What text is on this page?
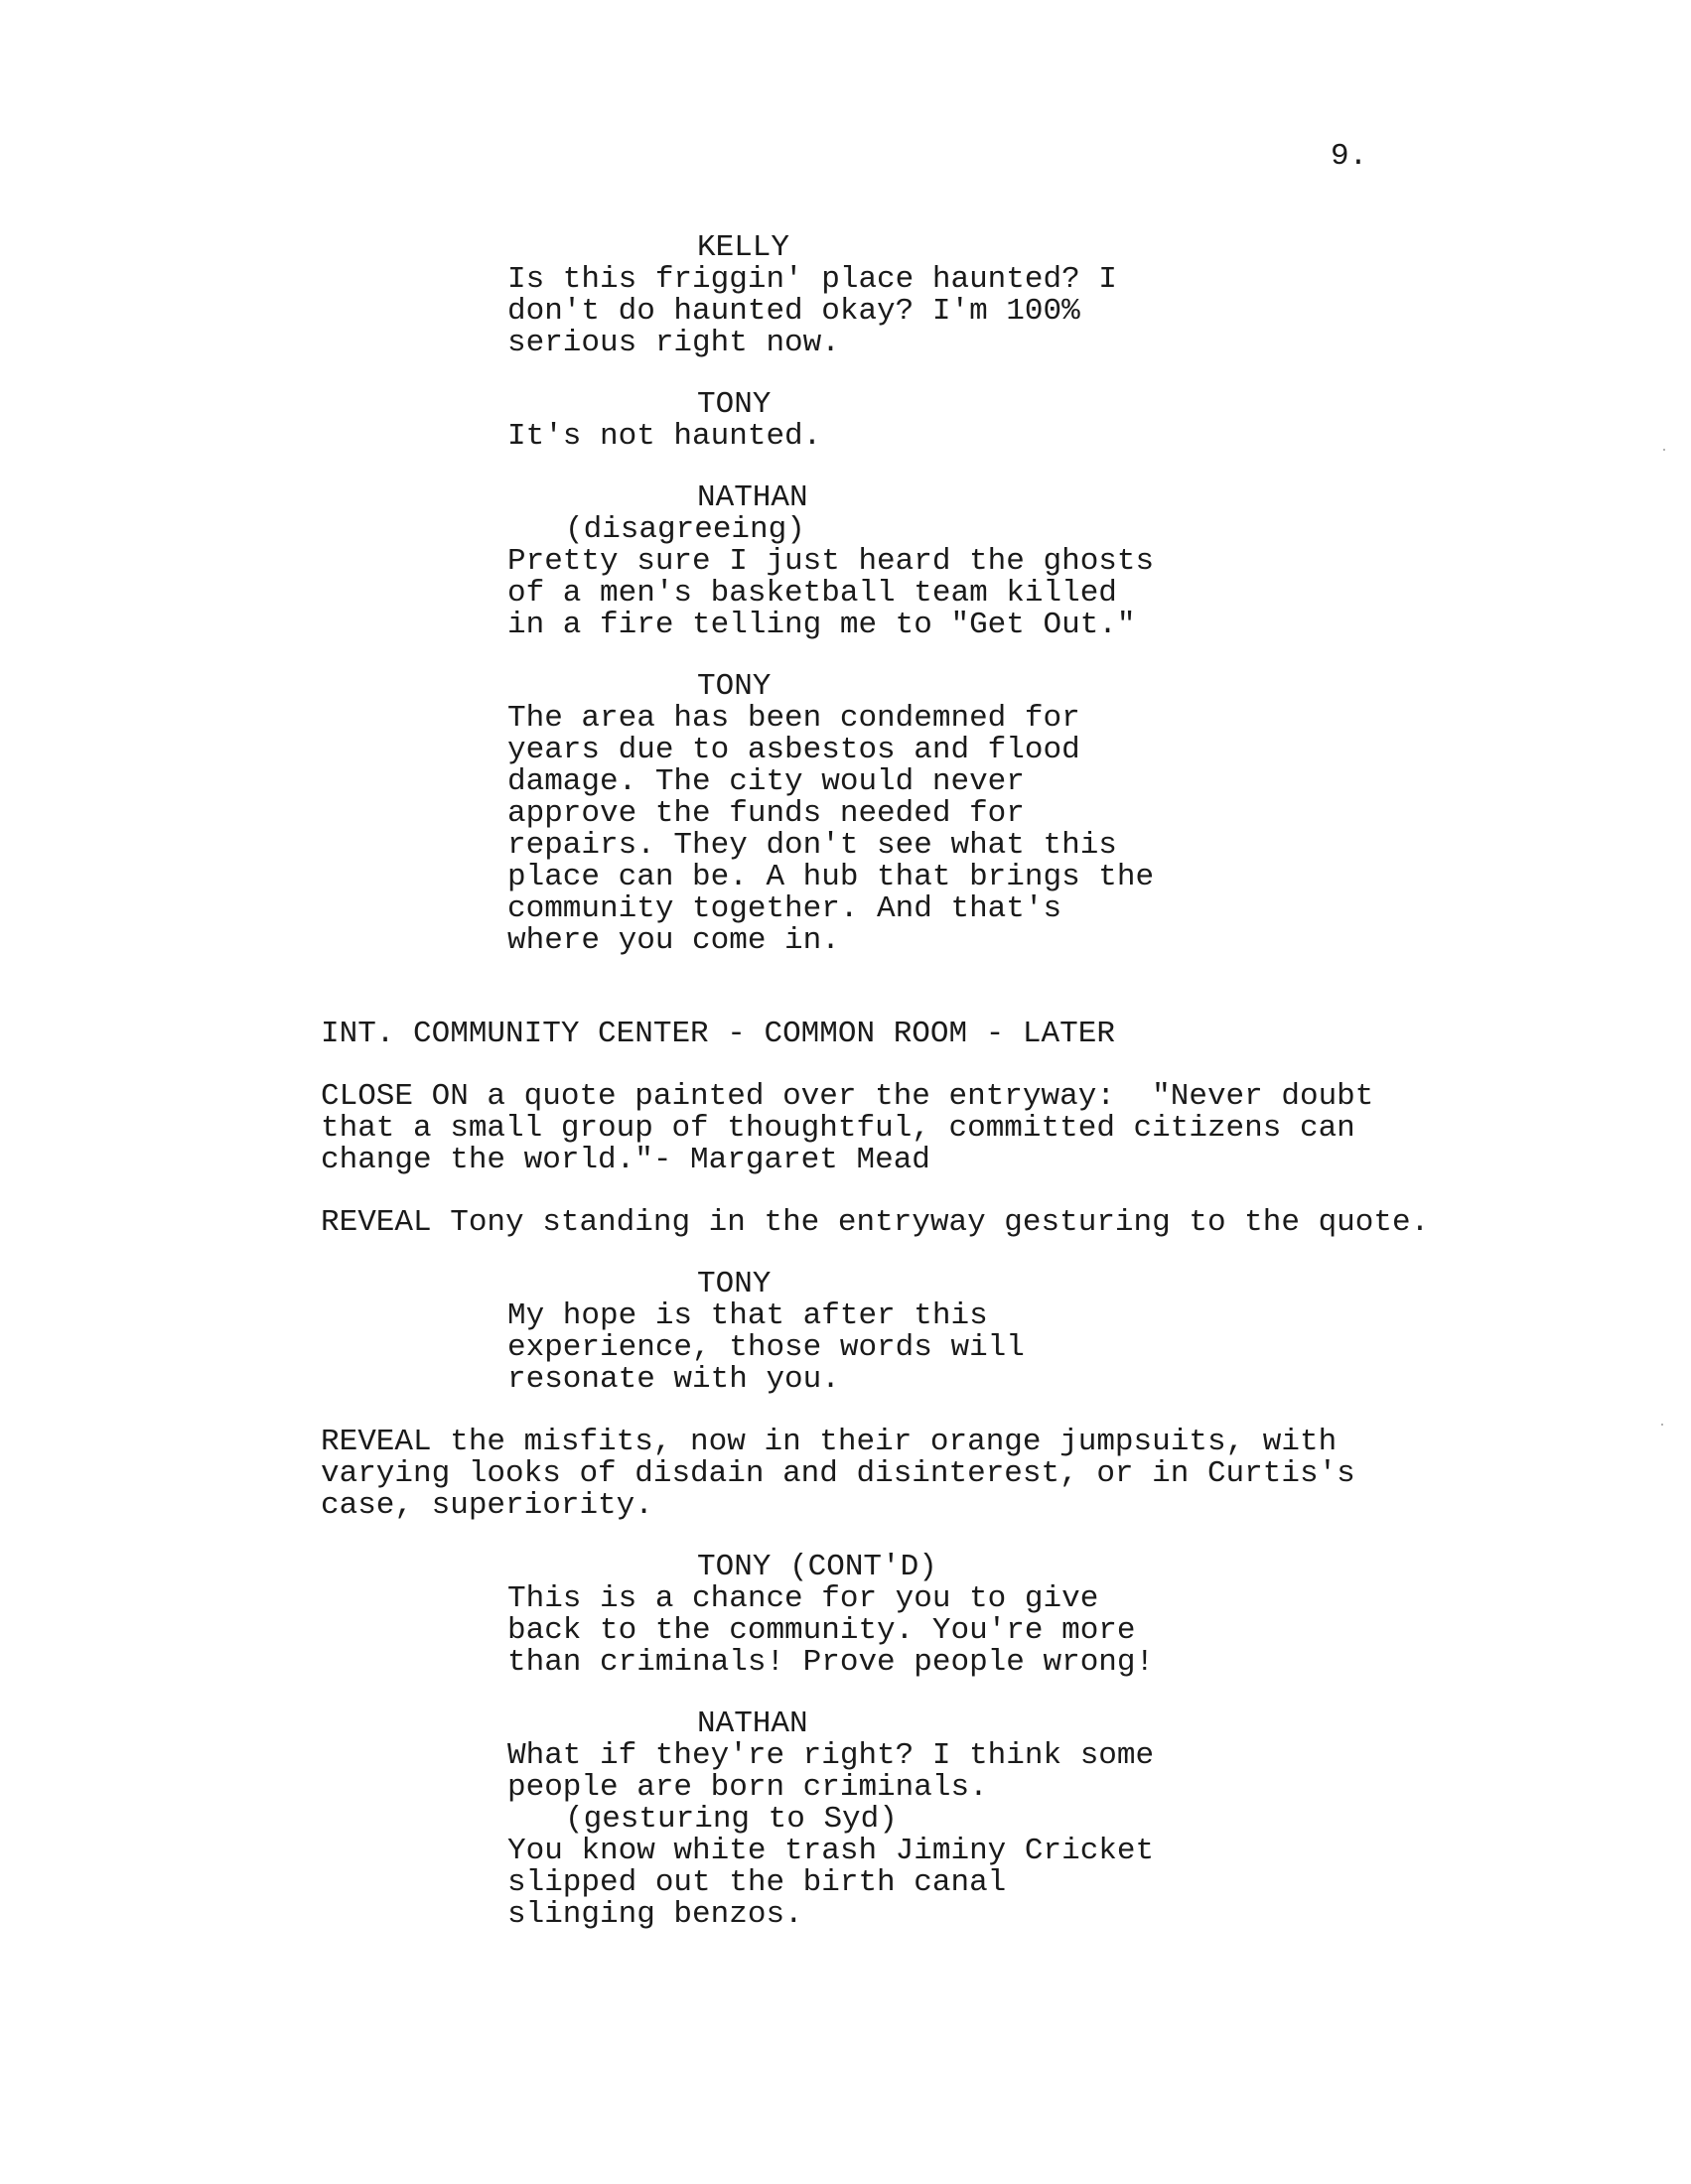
9.
KELLY
Is this friggin' place haunted? I
don't do haunted okay? I'm 100%
serious right now.
TONY
It's not haunted.
NATHAN
(disagreeing)
Pretty sure I just heard the ghosts
of a men's basketball team killed
in a fire telling me to "Get Out."
TONY
The area has been condemned for
years due to asbestos and flood
damage. The city would never
approve the funds needed for
repairs. They don't see what this
place can be. A hub that brings the
community together. And that's
where you come in.
INT. COMMUNITY CENTER - COMMON ROOM - LATER
CLOSE ON a quote painted over the entryway:  "Never doubt
that a small group of thoughtful, committed citizens can
change the world."- Margaret Mead
REVEAL Tony standing in the entryway gesturing to the quote.
TONY
My hope is that after this
experience, those words will
resonate with you.
REVEAL the misfits, now in their orange jumpsuits, with
varying looks of disdain and disinterest, or in Curtis's
case, superiority.
TONY (CONT'D)
This is a chance for you to give
back to the community. You're more
than criminals! Prove people wrong!
NATHAN
What if they're right? I think some
people are born criminals.
(gesturing to Syd)
You know white trash Jiminy Cricket
slipped out the birth canal
slinging benzos.
